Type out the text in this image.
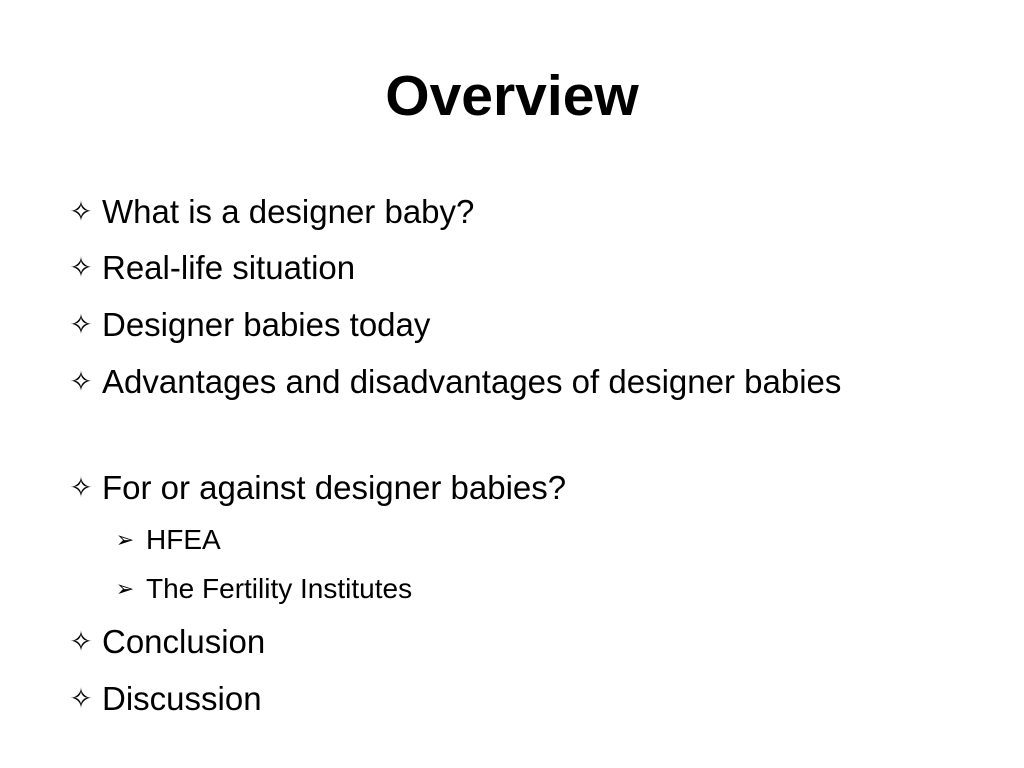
Overview
✧ What is a designer baby?
✧ Real-life situation
✧ Designer babies today
✧ Advantages and disadvantages of designer babies
✧ For or against designer babies?
➢ HFEA
➢ The Fertility Institutes
✧ Conclusion
✧ Discussion
